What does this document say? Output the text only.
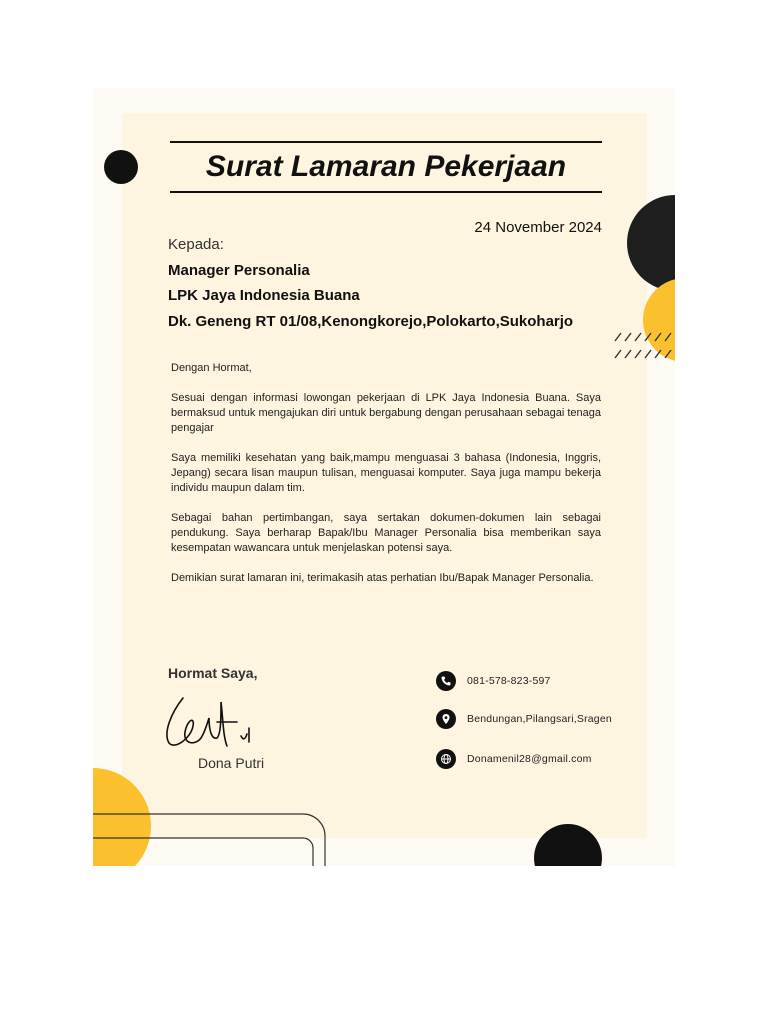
Surat Lamaran Pekerjaan
24 November 2024
Kepada:
Manager Personalia
LPK Jaya Indonesia Buana
Dk. Geneng RT 01/08,Kenongkorejo,Polokarto,Sukoharjo

Dengan Hormat,

Sesuai dengan informasi lowongan pekerjaan di LPK Jaya Indonesia Buana. Saya bermaksud untuk mengajukan diri untuk bergabung dengan perusahaan sebagai tenaga pengajar

Saya memiliki kesehatan yang baik,mampu menguasai 3 bahasa (Indonesia, Inggris, Jepang) secara lisan maupun tulisan, menguasai komputer. Saya juga mampu bekerja individu maupun dalam tim.

Sebagai bahan pertimbangan, saya sertakan dokumen-dokumen lain sebagai pendukung. Saya berharap Bapak/Ibu Manager Personalia bisa memberikan saya kesempatan wawancara untuk menjelaskan potensi saya.

Demikian surat lamaran ini, terimakasih atas perhatian Ibu/Bapak Manager Personalia.

Hormat Saya,
Dona Putri
081-578-823-597
Bendungan,Pilangsari,Sragen
Donamenil28@gmail.com
